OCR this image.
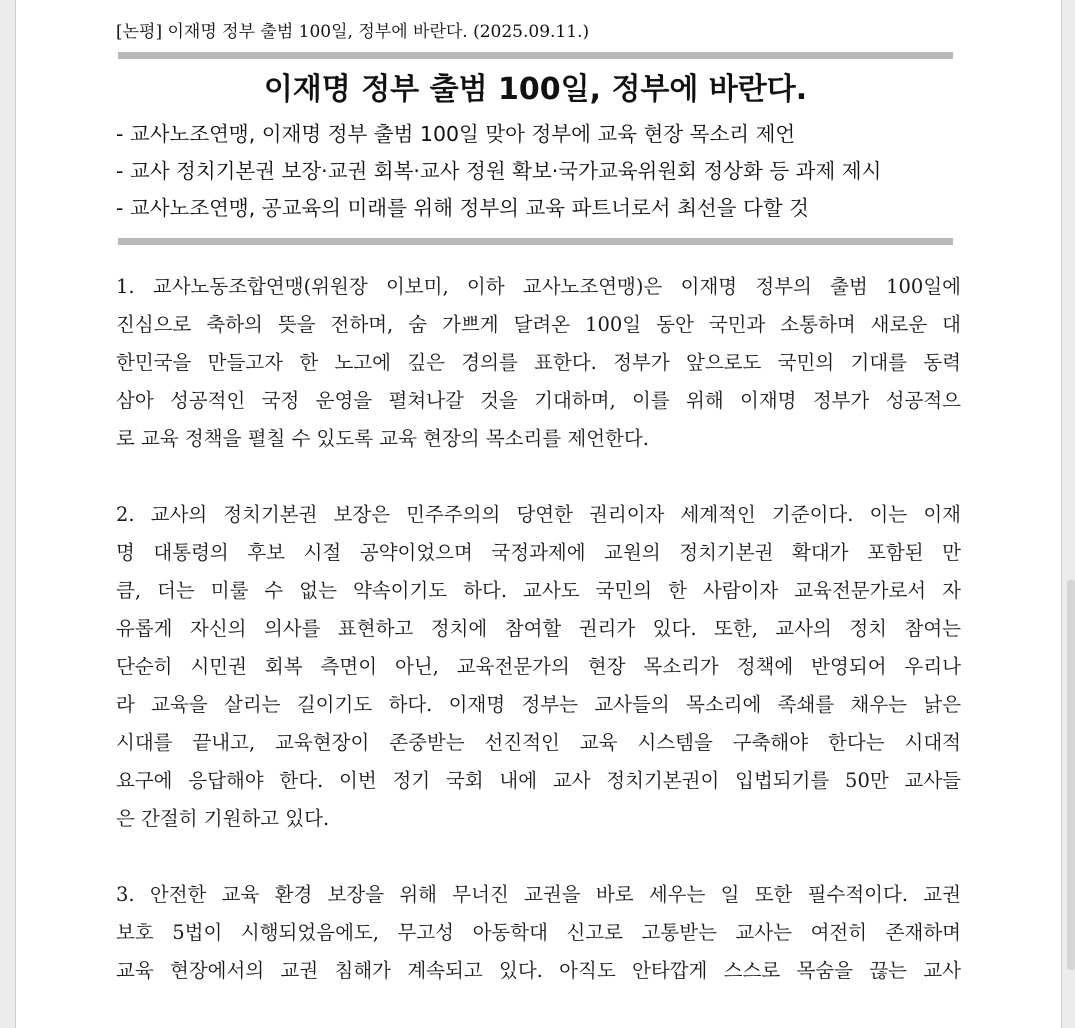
[논평] 이재명 정부 출범 100일, 정부에 바란다. (2025.09.11.)
이재명 정부 출범 100일, 정부에 바란다.
- 교사노조연맹, 이재명 정부 출범 100일 맞아 정부에 교육 현장 목소리 제언
- 교사 정치기본권 보장·교권 회복·교사 정원 확보·국가교육위원회 정상화 등 과제 제시
- 교사노조연맹, 공교육의 미래를 위해 정부의 교육 파트너로서 최선을 다할 것

1. 교사노동조합연맹(위원장 이보미, 이하 교사노조연맹)은 이재명 정부의 출범 100일에
진심으로 축하의 뜻을 전하며, 숨 가쁘게 달려온 100일 동안 국민과 소통하며 새로운 대
한민국을 만들고자 한 노고에 깊은 경의를 표한다. 정부가 앞으로도 국민의 기대를 동력
삼아 성공적인 국정 운영을 펼쳐나갈 것을 기대하며, 이를 위해 이재명 정부가 성공적으
로 교육 정책을 펼칠 수 있도록 교육 현장의 목소리를 제언한다.

2. 교사의 정치기본권 보장은 민주주의의 당연한 권리이자 세계적인 기준이다. 이는 이재
명 대통령의 후보 시절 공약이었으며 국정과제에 교원의 정치기본권 확대가 포함된 만
큼, 더는 미룰 수 없는 약속이기도 하다. 교사도 국민의 한 사람이자 교육전문가로서 자
유롭게 자신의 의사를 표현하고 정치에 참여할 권리가 있다. 또한, 교사의 정치 참여는
단순히 시민권 회복 측면이 아닌, 교육전문가의 현장 목소리가 정책에 반영되어 우리나
라 교육을 살리는 길이기도 하다. 이재명 정부는 교사들의 목소리에 족쇄를 채우는 낡은
시대를 끝내고, 교육현장이 존중받는 선진적인 교육 시스템을 구축해야 한다는 시대적
요구에 응답해야 한다. 이번 정기 국회 내에 교사 정치기본권이 입법되기를 50만 교사들
은 간절히 기원하고 있다.

3. 안전한 교육 환경 보장을 위해 무너진 교권을 바로 세우는 일 또한 필수적이다. 교권
보호 5법이 시행되었음에도, 무고성 아동학대 신고로 고통받는 교사는 여전히 존재하며
교육 현장에서의 교권 침해가 계속되고 있다. 아직도 안타깝게 스스로 목숨을 끊는 교사
